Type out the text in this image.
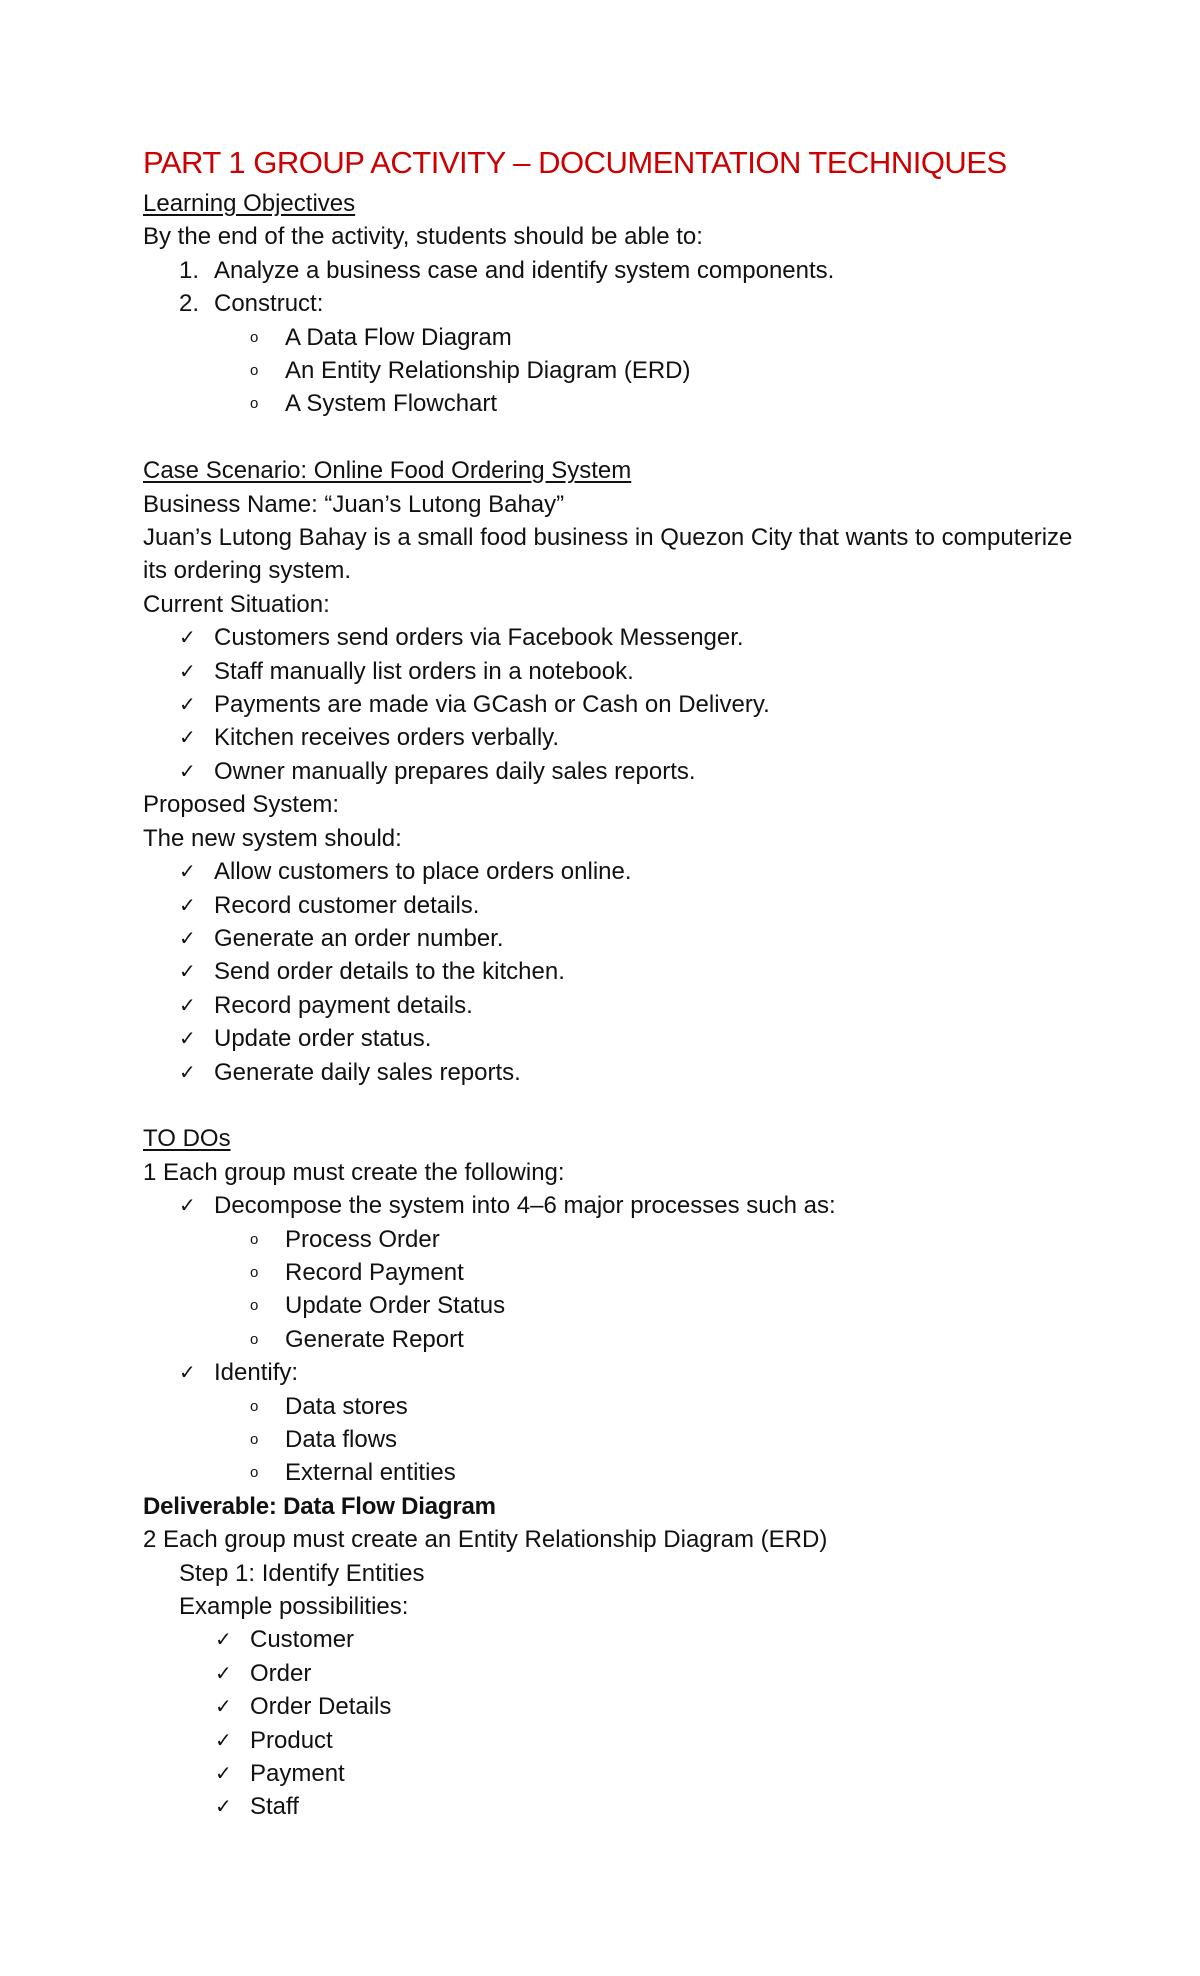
PART 1 GROUP ACTIVITY – DOCUMENTATION TECHNIQUES

Learning Objectives

By the end of the activity, students should be able to:

1. Analyze a business case and identify system components.

2. Construct:

o A Data Flow Diagram

o An Entity Relationship Diagram (ERD)

o A System Flowchart

Case Scenario: Online Food Ordering System

Business Name: “Juan’s Lutong Bahay”

Juan’s Lutong Bahay is a small food business in Quezon City that wants to computerize

its ordering system.

Current Situation:

✓ Customers send orders via Facebook Messenger.

✓ Staff manually list orders in a notebook.

✓ Payments are made via GCash or Cash on Delivery.

✓ Kitchen receives orders verbally.

✓ Owner manually prepares daily sales reports.

Proposed System:

The new system should:

✓ Allow customers to place orders online.

✓ Record customer details.

✓ Generate an order number.

✓ Send order details to the kitchen.

✓ Record payment details.

✓ Update order status.

✓ Generate daily sales reports.

TO DOs

1 Each group must create the following:

✓ Decompose the system into 4–6 major processes such as:

o Process Order

o Record Payment

o Update Order Status

o Generate Report

✓ Identify:

o Data stores

o Data flows

o External entities

Deliverable: Data Flow Diagram

2 Each group must create an Entity Relationship Diagram (ERD)

Step 1: Identify Entities

Example possibilities:

✓ Customer

✓ Order

✓ Order Details

✓ Product

✓ Payment

✓ Staff
